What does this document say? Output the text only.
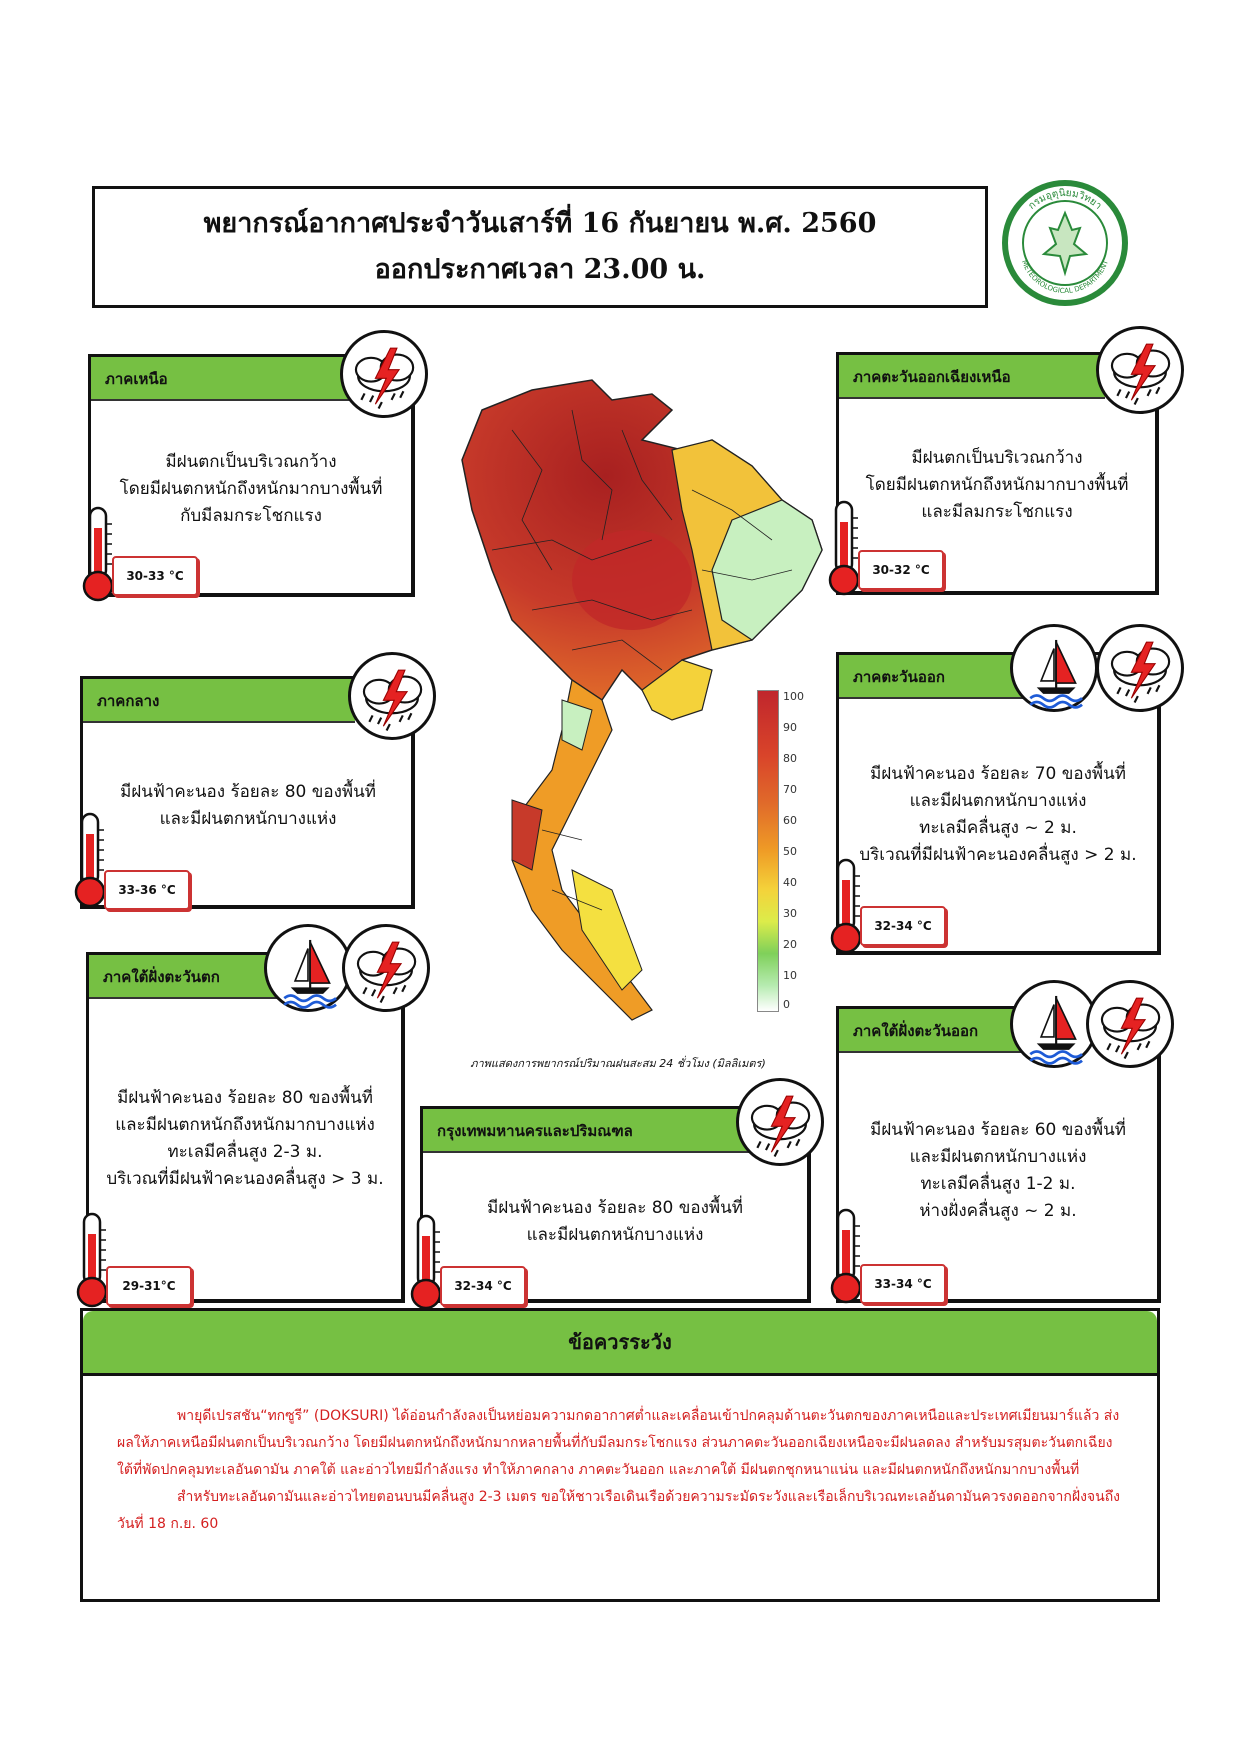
พยากรณ์อากาศประจำวันเสาร์ที่ 16 กันยายน พ.ศ. 2560
ออกประกาศเวลา 23.00 น.
กรมอุตุนิยมวิทยา
METEOROLOGICAL DEPARTMENT
ภาคเหนือ
มีฝนตกเป็นบริเวณกว้าง
โดยมีฝนตกหนักถึงหนักมากบางพื้นที่
กับมีลมกระโชกแรง
30-33 °C
ภาคตะวันออกเฉียงเหนือ
มีฝนตกเป็นบริเวณกว้าง
โดยมีฝนตกหนักถึงหนักมากบางพื้นที่
และมีลมกระโชกแรง
30-32 °C
ภาคกลาง
มีฝนฟ้าคะนอง ร้อยละ 80 ของพื้นที่
และมีฝนตกหนักบางแห่ง
33-36 °C
ภาคตะวันออก
มีฝนฟ้าคะนอง ร้อยละ 70 ของพื้นที่
และมีฝนตกหนักบางแห่ง
ทะเลมีคลื่นสูง ~ 2 ม.
บริเวณที่มีฝนฟ้าคะนองคลื่นสูง > 2 ม.
32-34 °C
ภาคใต้ฝั่งตะวันตก
มีฝนฟ้าคะนอง ร้อยละ 80 ของพื้นที่
และมีฝนตกหนักถึงหนักมากบางแห่ง
ทะเลมีคลื่นสูง 2-3 ม.
บริเวณที่มีฝนฟ้าคะนองคลื่นสูง > 3 ม.
29-31°C
กรุงเทพมหานครและปริมณฑล
มีฝนฟ้าคะนอง ร้อยละ 80 ของพื้นที่
และมีฝนตกหนักบางแห่ง
32-34 °C
ภาคใต้ฝั่งตะวันออก
มีฝนฟ้าคะนอง ร้อยละ 60 ของพื้นที่
และมีฝนตกหนักบางแห่ง
ทะเลมีคลื่นสูง 1-2 ม.
ห่างฝั่งคลื่นสูง ~ 2 ม.
33-34 °C
100
90
80
70
60
50
40
30
20
10
0
ภาพแสดงการพยากรณ์ปริมาณฝนสะสม 24 ชั่วโมง (มิลลิเมตร)
ข้อควรระวัง
พายุดีเปรสชัน“ทกซูรี” (DOKSURI) ได้อ่อนกำลังลงเป็นหย่อมความกดอากาศต่ำและเคลื่อนเข้าปกคลุมด้านตะวันตกของภาคเหนือและประเทศเมียนมาร์แล้ว ส่งผลให้ภาคเหนือมีฝนตกเป็นบริเวณกว้าง โดยมีฝนตกหนักถึงหนักมากหลายพื้นที่กับมีลมกระโชกแรง ส่วนภาคตะวันออกเฉียงเหนือจะมีฝนลดลง สำหรับมรสุมตะวันตกเฉียงใต้ที่พัดปกคลุมทะเลอันดามัน ภาคใต้ และอ่าวไทยมีกำลังแรง ทำให้ภาคกลาง ภาคตะวันออก และภาคใต้ มีฝนตกชุกหนาแน่น และมีฝนตกหนักถึงหนักมากบางพื้นที่
สำหรับทะเลอันดามันและอ่าวไทยตอนบนมีคลื่นสูง 2-3 เมตร ขอให้ชาวเรือเดินเรือด้วยความระมัดระวังและเรือเล็กบริเวณทะเลอันดามันควรงดออกจากฝั่งจนถึงวันที่ 18 ก.ย. 60
